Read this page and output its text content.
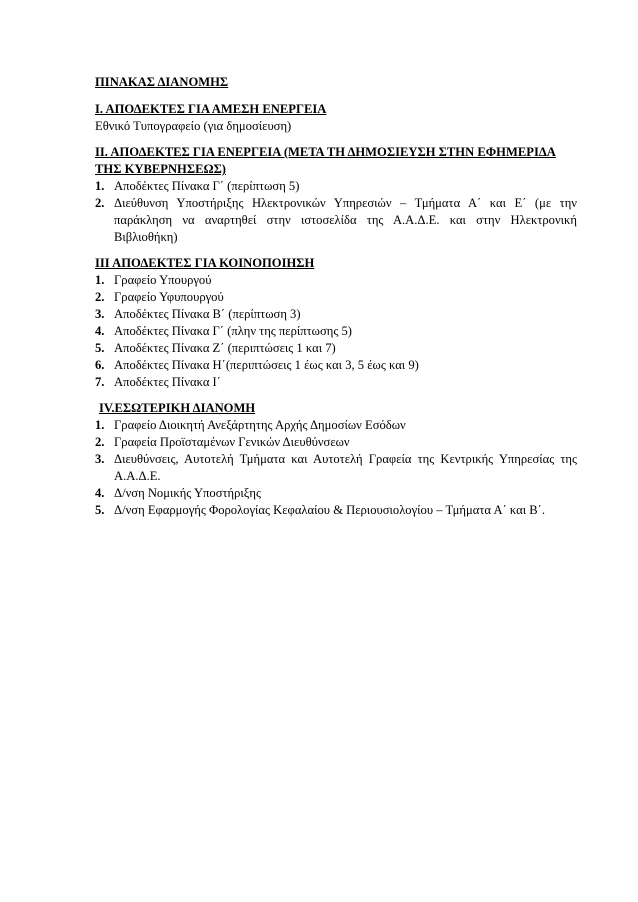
ΠΙΝΑΚΑΣ ΔΙΑΝΟΜΗΣ
Ι. ΑΠΟΔΕΚΤΕΣ ΓΙΑ ΑΜΕΣΗ ΕΝΕΡΓΕΙΑ
Εθνικό Τυπογραφείο (για δημοσίευση)
ΙΙ. ΑΠΟΔΕΚΤΕΣ ΓΙΑ ΕΝΕΡΓΕΙΑ (ΜΕΤΑ ΤΗ ΔΗΜΟΣΙΕΥΣΗ ΣΤΗΝ ΕΦΗΜΕΡΙΔΑ ΤΗΣ ΚΥΒΕΡΝΗΣΕΩΣ)
1. Αποδέκτες Πίνακα Γ΄ (περίπτωση 5)
2. Διεύθυνση Υποστήριξης Ηλεκτρονικών Υπηρεσιών – Τμήματα Α΄ και Ε΄ (με την παράκληση να αναρτηθεί στην ιστοσελίδα της Α.Α.Δ.Ε. και στην Ηλεκτρονική Βιβλιοθήκη)
ΙΙΙ ΑΠΟΔΕΚΤΕΣ ΓΙΑ ΚΟΙΝΟΠΟΙΗΣΗ
1. Γραφείο Υπουργού
2. Γραφείο Υφυπουργού
3. Αποδέκτες Πίνακα Β΄ (περίπτωση 3)
4. Αποδέκτες Πίνακα Γ΄ (πλην της περίπτωσης 5)
5. Αποδέκτες Πίνακα Ζ΄ (περιπτώσεις 1 και 7)
6. Αποδέκτες Πίνακα Η΄(περιπτώσεις 1 έως και 3, 5 έως και 9)
7. Αποδέκτες Πίνακα Ι΄
IV.ΕΣΩΤΕΡΙΚΗ ΔΙΑΝΟΜΗ
1. Γραφείο Διοικητή Ανεξάρτητης Αρχής Δημοσίων Εσόδων
2. Γραφεία Προϊσταμένων Γενικών Διευθύνσεων
3. Διευθύνσεις, Αυτοτελή Τμήματα και Αυτοτελή Γραφεία της Κεντρικής Υπηρεσίας της Α.Α.Δ.Ε.
4. Δ/νση Νομικής Υποστήριξης
5. Δ/νση Εφαρμογής Φορολογίας Κεφαλαίου & Περιουσιολογίου – Τμήματα Α΄ και Β΄.
